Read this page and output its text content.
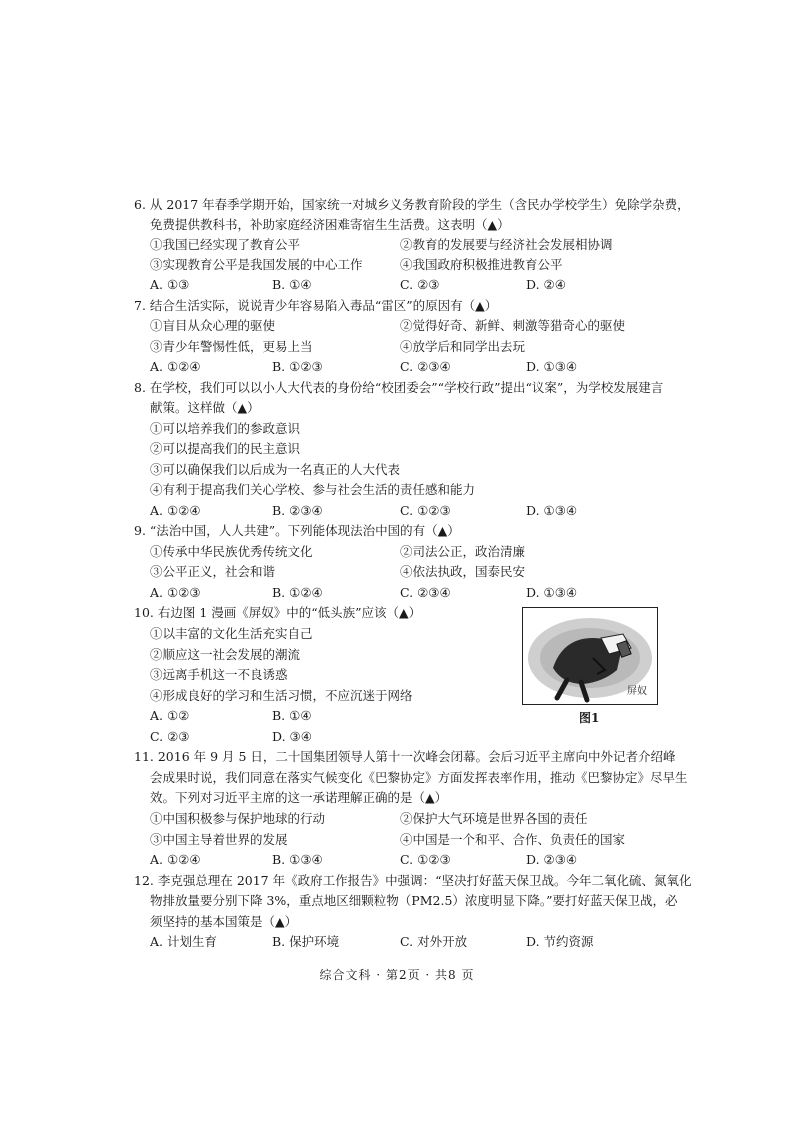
6. 从 2017 年春季学期开始，国家统一对城乡义务教育阶段的学生（含民办学校学生）免除学杂费，
免费提供教科书，补助家庭经济困难寄宿生生活费。这表明（▲）
①我国已经实现了教育公平	②教育的发展要与经济社会发展相协调
③实现教育公平是我国发展的中心工作	④我国政府积极推进教育公平
A. ①③	B. ①④	C. ②③	D. ②④
7. 结合生活实际，说说青少年容易陷入毒品“雷区”的原因有（▲）
①盲目从众心理的驱使	②觉得好奇、新鲜、刺激等猎奇心的驱使
③青少年警惕性低，更易上当	④放学后和同学出去玩
A. ①②④	B. ①②③	C. ②③④	D. ①③④
8. 在学校，我们可以以小人大代表的身份给“校团委会”“学校行政”提出“议案”，为学校发展建言
献策。这样做（▲）
①可以培养我们的参政意识
②可以提高我们的民主意识
③可以确保我们以后成为一名真正的人大代表
④有利于提高我们关心学校、参与社会生活的责任感和能力
A. ①②④	B. ②③④	C. ①②③	D. ①③④
9. “法治中国，人人共建”。下列能体现法治中国的有（▲）
①传承中华民族优秀传统文化	②司法公正，政治清廉
③公平正义，社会和谐	④依法执政，国泰民安
A. ①②③	B. ①②④	C. ②③④	D. ①③④
10. 右边图 1 漫画《屏奴》中的“低头族”应该（▲）
①以丰富的文化生活充实自己
②顺应这一社会发展的潮流
③远离手机这一不良诱惑
④形成良好的学习和生活习惯，不应沉迷于网络
A. ①②	B. ①④
C. ②③	D. ③④
屏奴
图1
11. 2016 年 9 月 5 日，二十国集团领导人第十一次峰会闭幕。会后习近平主席向中外记者介绍峰
会成果时说，我们同意在落实气候变化《巴黎协定》方面发挥表率作用，推动《巴黎协定》尽早生
效。下列对习近平主席的这一承诺理解正确的是（▲）
①中国积极参与保护地球的行动	②保护大气环境是世界各国的责任
③中国主导着世界的发展	④中国是一个和平、合作、负责任的国家
A. ①②④	B. ①③④	C. ①②③	D. ②③④
12. 李克强总理在 2017 年《政府工作报告》中强调：“坚决打好蓝天保卫战。今年二氧化硫、氮氧化
物排放量要分别下降 3%，重点地区细颗粒物（PM2.5）浓度明显下降。”要打好蓝天保卫战，必
须坚持的基本国策是（▲）
A. 计划生育	B. 保护环境	C. 对外开放	D. 节约资源
综合文科 · 第2页 · 共8 页
